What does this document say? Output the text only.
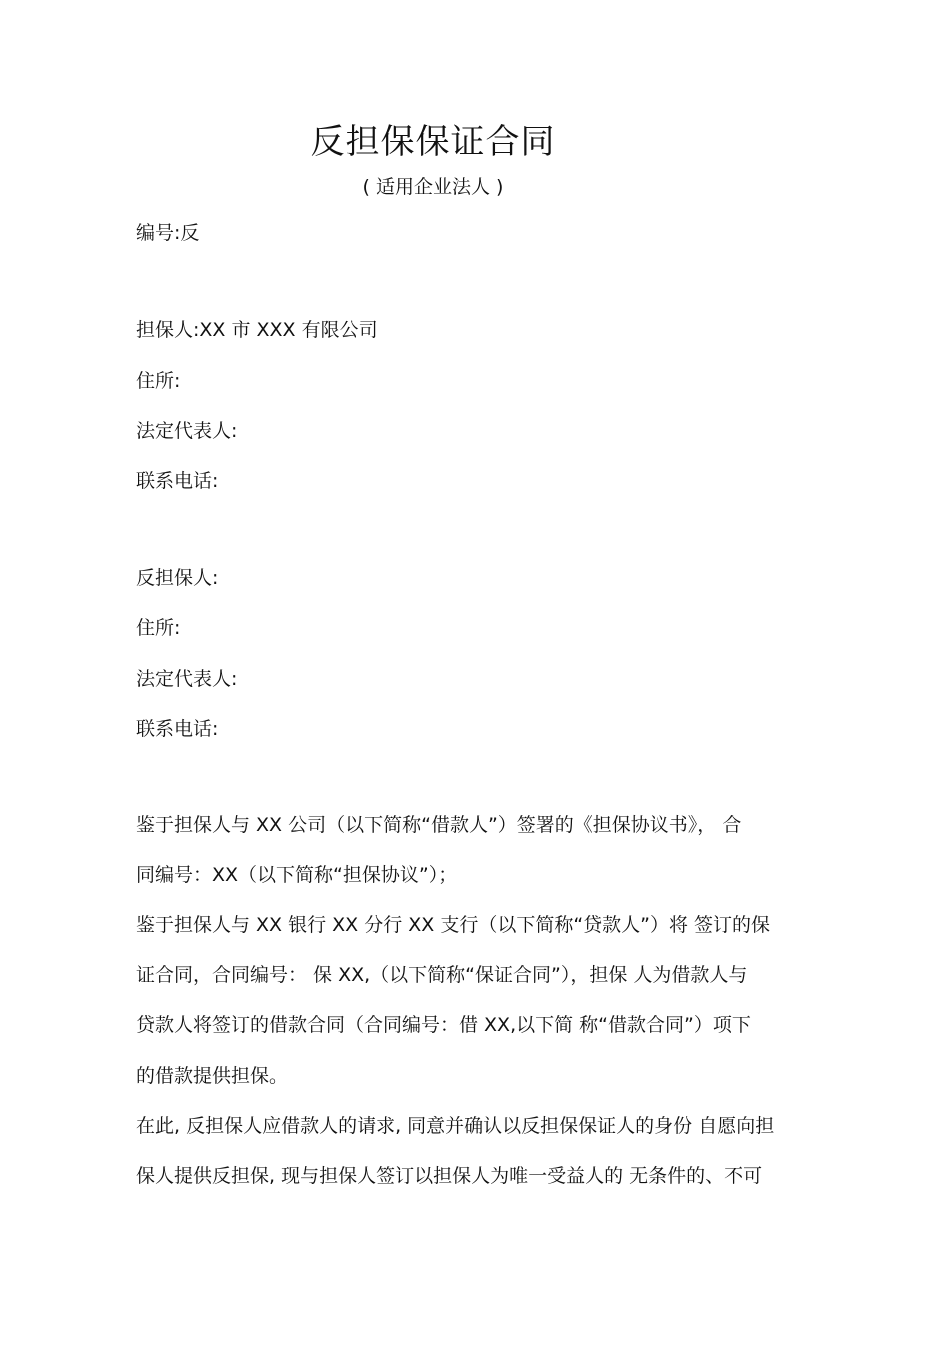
反担保保证合同
( 适用企业法人 )
编号:反
担保人:XX 市 XXX 有限公司
住所:
法定代表人:
联系电话:
反担保人:
住所:
法定代表人:
联系电话:
鉴于担保人与 XX 公司（以下简称“借款人”）签署的《担保协议书》， 合
同编号：XX（以下简称“担保协议”）；
鉴于担保人与 XX 银行 XX 分行 XX 支行（以下简称“贷款人”）将 签订的保
证合同，合同编号： 保 XX,（以下简称“保证合同”），担保 人为借款人与
贷款人将签订的借款合同（合同编号：借 XX,以下简 称“借款合同”）项下
的借款提供担保。
在此, 反担保人应借款人的请求, 同意并确认以反担保保证人的身份 自愿向担
保人提供反担保, 现与担保人签订以担保人为唯一受益人的 无条件的、不可
